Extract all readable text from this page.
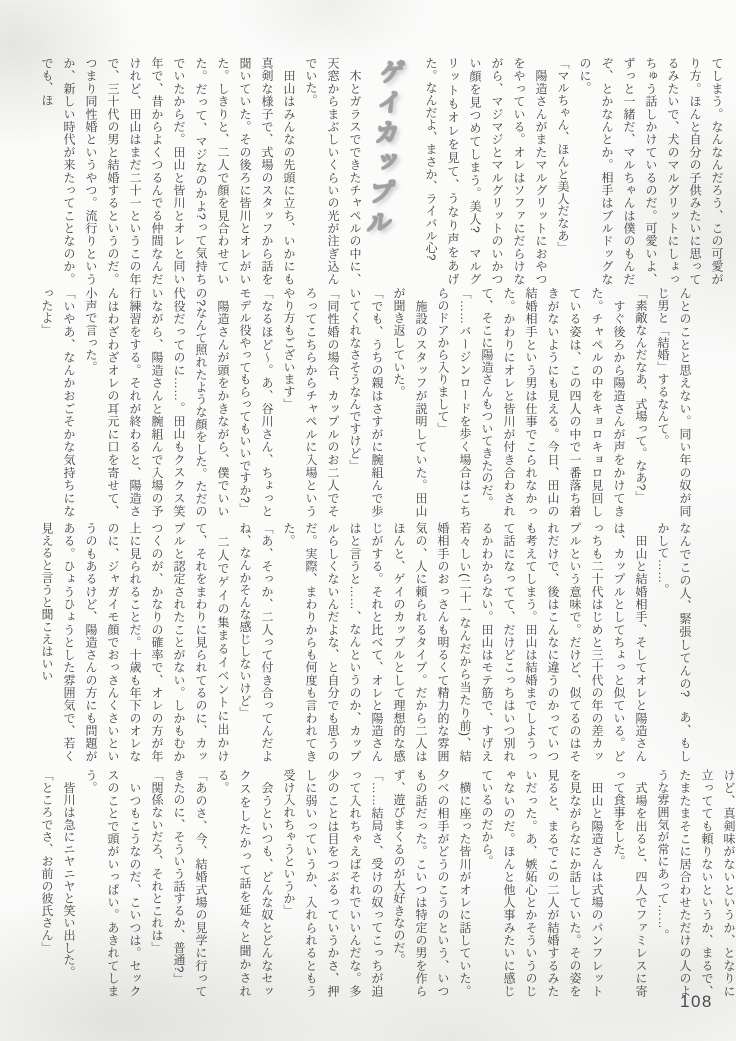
てしまう。なんなんだろう、この可愛がり方。ほんと自分の子供みたいに思ってるみたいで、犬のマルグリットにしょっちゅう話しかけているのだ。可愛いよ、ずっと一緒だ、マルちゃんは僕のもんだぞ、とかなんとか。相手はブルドッグなのに。

「マルちゃん、ほんと美人だなあ」

　陽造さんがまたマルグリットにおやつをやっている。オレはソファにだらけながら、マジマジとマルグリットのいかつい顔を見つめてしまう。美人?　マルグリットもオレを見て、うなり声をあげた。なんだよ、まさか、ライバル心?

ゲイカップル

　木とガラスでできたチャペルの中に、天窓からまぶしいくらいの光が注ぎ込んでいた。

　田山はみんなの先頭に立ち、いかにも真剣な様子で、式場のスタッフから話を聞いていた。その後ろに皆川とオレがいた。しきりと、二人で顔を見合わせていた。だって、マジなのかよ?って気持ちでいたからだ。田山と皆川とオレと同い年で、昔からよくつるんでる仲間なんだけれど、田山はまだ二十一というこの年で、三十代の男と結婚するというのだ。つまり同性婚というやつ。流行りというか、新しい時代が来たってことなのか。でも、ほ

んとのことと思えない。同い年の奴が同じ男と「結婚」するなんて。

「素敵なんだなあ、式場って。なあ?」

　すぐ後ろから陽造さんが声をかけてきた。チャペルの中をキョロキョロ見回している姿は、この四人の中で一番落ち着きがないようにも見える。今日、田山の結婚相手という男は仕事でこられなかった。かわりにオレと皆川が付き合わされて、そこに陽造さんもついてきたのだ。

「……バージンロードを歩く場合はこちらのドアから入りまして」

　施設のスタッフが説明していた。田山が聞き返していた。

「でも、うちの親はさすがに腕組んで歩いてくれなさそうなんですけど」

「同性婚の場合、カップルのお二人でそろってこちらからチャペルに入場というやり方もございます」

「なるほど〜。あ、谷川さん、ちょっとモデル役やってもらってもいいですか?」

　陽造さんが頭をかきながら、僕でいいの?なんて照れたような顔をした。ただの代役だってのに……。田山もクスクス笑いながら、陽造さんと腕組んで入場の予行練習をする。それが終わると、陽造さんはわざわざオレの耳元に口を寄せて、小声で言った。

「いやあ、なんかおごそかな気持ちになったよ」

なんでこの人、緊張してんの?　あ、もしかして……。

　田山と結婚相手、そしてオレと陽造さんは、カップルとしてちょっと似ている。どっちも二十代はじめと三十代の年の差カップルという意味で。だけど、似てるのはそれだけで、後はこんなに違うのかっていつも考えてしまう。田山は結婚までしようって話になってて、だけどこっちはいつ別れるかわからない。田山はモテ筋で、すげえ若々しい(二十一なんだから当たり前)、結婚相手のおっさんも明るくて精力的な雰囲気の、人に頼られるタイプ。だから二人はほんと、ゲイのカップルとして理想的な感じがする。それと比べて、オレと陽造さんはと言うと……、なんというのか、カップルらしくないんだよな、と自分でも思うのだ。実際、まわりからも何度も言われてきた。

「あ、そっか、二人って付き合ってんだよね、なんかそんな感じしないけど」

　二人でゲイの集まるイベントに出かけて、それをまわりに見られてるのに、カップルと認定されたことがない。しかもむかつくのが、かなりの確率で、オレの方が年上に見られることだ。十歳も年下のオレなのに、ジャガイモ顔でおっさんくさいというのもあるけど、陽造さんの方にも問題がある。ひょうひょうとした雰囲気で、若く見えると言うと聞こえはいい

けど、真剣味がないというか、となりに立ってても頼りないというか、まるで、たまたまそこに居合わせただけの人のような雰囲気が常にあって……。

　式場を出ると、四人でファミレスに寄って食事をした。

　田山と陽造さんは式場のパンフレットを見ながらなにか話していた。その姿を見ると、まるでこの二人が結婚するみたいだった。あ、嫉妬心とかそういうのじゃないのだ。ほんと他人事みたいに感じているのだから。

　横に座った皆川がオレに話していた。夕べの相手がどうのこうのという、いつもの話だった。こいつは特定の男を作らず、遊びまくるのが大好きなのだ。

「……結局さ、受けの奴ってこっちが迫って入れちゃえばそれでいいんだな。多少のことは目をつぶるっていうかさ、押しに弱いっていうか、入れられるともう受け入れちゃうというか」

　会うといつも、どんな奴とどんなセックスをしたかって話を延々と聞かされる。

「あのさ、今、結婚式場の見学に行ってきたのに、そういう話するか、普通?」

「関係ないだろ、それとこれは」

　いつもこうなのだ、こいつは。セックスのことで頭がいっぱい。あきれてしまう。

　皆川は急にニヤニヤと笑い出した。

「ところでさ、お前の彼氏さん」

108
